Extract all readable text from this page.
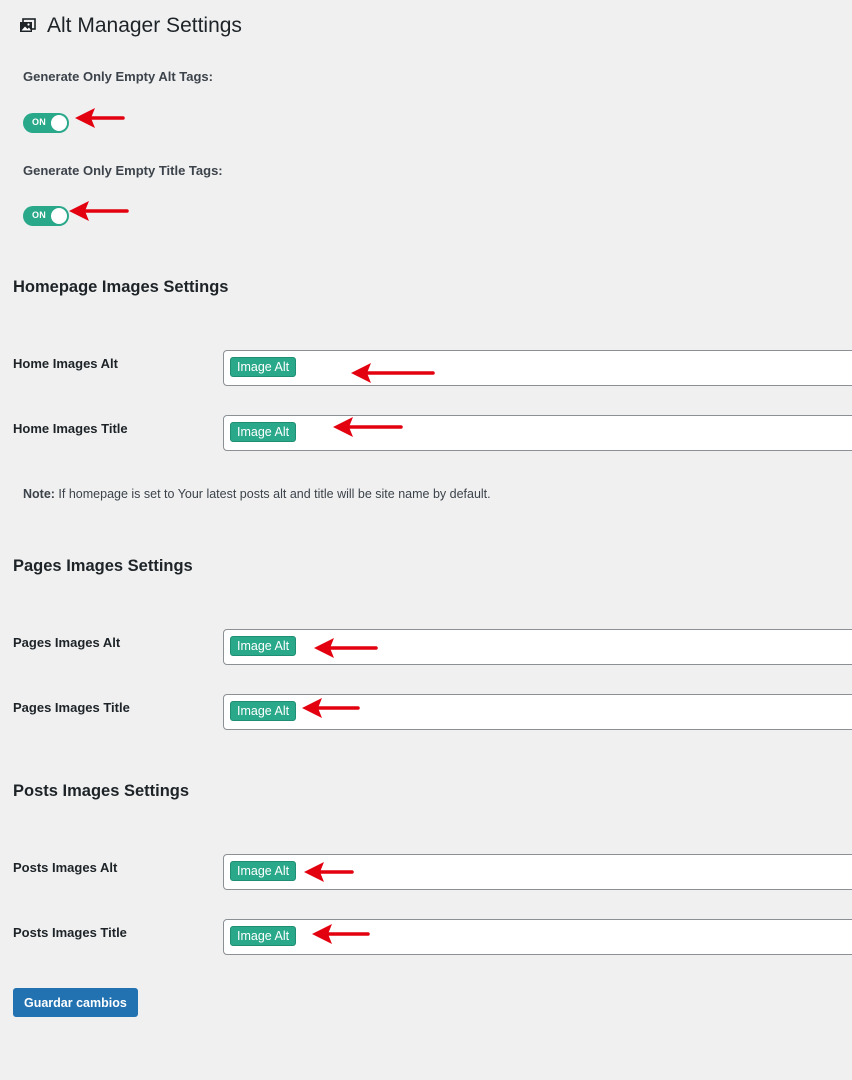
Alt Manager Settings
Generate Only Empty Alt Tags:
ON
Generate Only Empty Title Tags:
ON
Homepage Images Settings
Home Images Alt	Image Alt
Home Images Title	Image Alt
Note: If homepage is set to Your latest posts alt and title will be site name by default.
Pages Images Settings
Pages Images Alt	Image Alt
Pages Images Title	Image Alt
Posts Images Settings
Posts Images Alt	Image Alt
Posts Images Title	Image Alt
Guardar cambios
